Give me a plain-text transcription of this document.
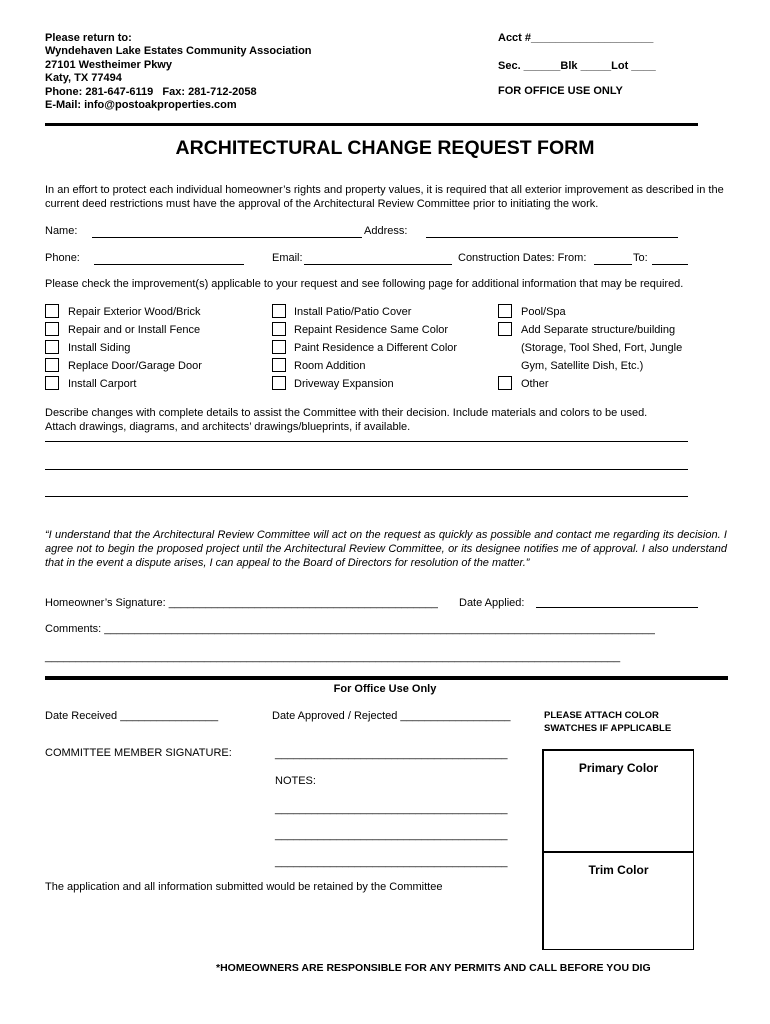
Please return to:
Wyndehaven Lake Estates Community Association
27101 Westheimer Pkwy
Katy, TX 77494
Phone: 281-647-6119   Fax: 281-712-2058
E-Mail: info@postoakproperties.com
Acct #____________________
Sec. ______Blk _____Lot ____
FOR OFFICE USE ONLY
ARCHITECTURAL CHANGE REQUEST FORM
In an effort to protect each individual homeowner’s rights and property values, it is required that all exterior improvement as described in the current deed restrictions must have the approval of the Architectural Review Committee prior to initiating the work.
Name:	Address:
Phone:	Email:	Construction Dates: From:	To:
Please check the improvement(s) applicable to your request and see following page for additional information that may be required.
Repair Exterior Wood/Brick
Repair and or Install Fence
Install Siding
Replace Door/Garage Door
Install Carport
Install Patio/Patio Cover
Repaint Residence Same Color
Paint Residence a Different Color
Room Addition
Driveway Expansion
Pool/Spa
Add Separate structure/building
(Storage, Tool Shed, Fort, Jungle
Gym, Satellite Dish, Etc.)
Other
Describe changes with complete details to assist the Committee with their decision. Include materials and colors to be used.
Attach drawings, diagrams, and architects’ drawings/blueprints, if available.
“I understand that the Architectural Review Committee will act on the request as quickly as possible and contact me regarding its decision. I agree not to begin the proposed project until the Architectural Review Committee, or its designee notifies me of approval. I also understand that in the event a dispute arises, I can appeal to the Board of Directors for resolution of the matter.”
Homeowner’s Signature: ____________________________________________ Date Applied:
Comments: __________________________________________________________________________________________
______________________________________________________________________________________________
For Office Use Only
Date Received ________________	Date Approved / Rejected __________________	PLEASE ATTACH COLOR
SWATCHES IF APPLICABLE
COMMITTEE MEMBER SIGNATURE:	______________________________________
NOTES:
______________________________________
______________________________________
______________________________________
Primary Color
Trim Color
The application and all information submitted would be retained by the Committee
*HOMEOWNERS ARE RESPONSIBLE FOR ANY PERMITS AND CALL BEFORE YOU DIG
